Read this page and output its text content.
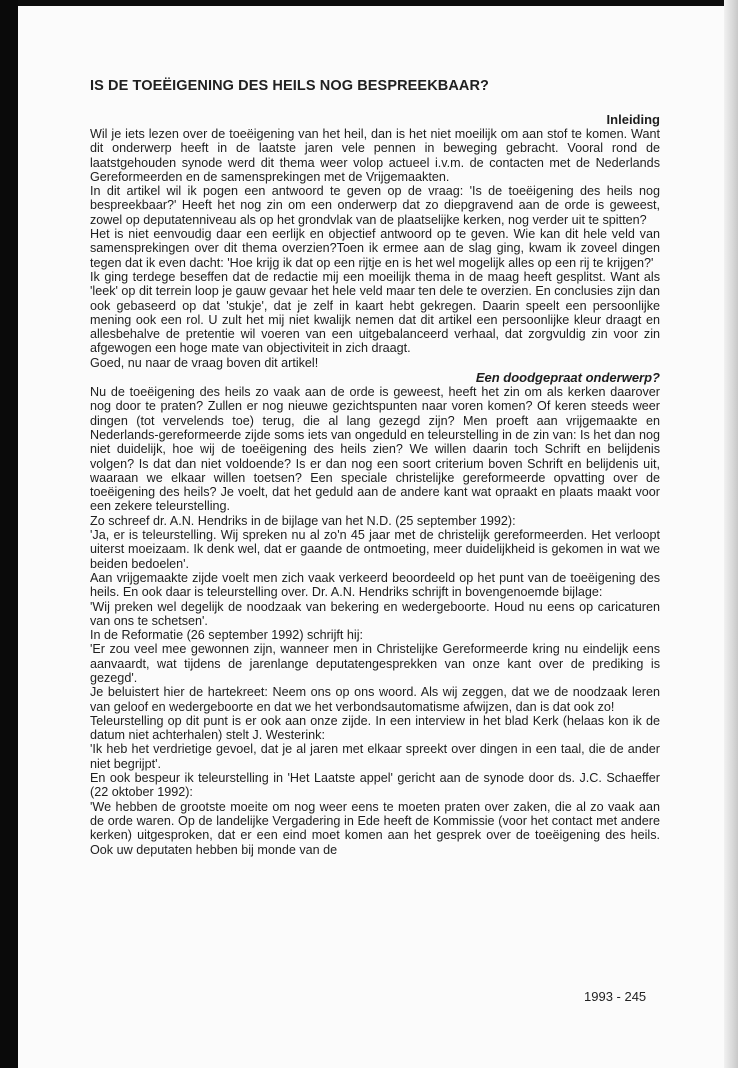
IS DE TOEËIGENING DES HEILS NOG BESPREEKBAAR?
Inleiding

Wil je iets lezen over de toeëigening van het heil, dan is het niet moeilijk om aan stof te komen. Want dit onderwerp heeft in de laatste jaren vele pennen in beweging gebracht. Vooral rond de laatstgehouden synode werd dit thema weer volop actueel i.v.m. de contacten met de Nederlands Gereformeerden en de samensprekingen met de Vrijgemaakten.

In dit artikel wil ik pogen een antwoord te geven op de vraag: 'Is de toeëigening des heils nog bespreekbaar?' Heeft het nog zin om een onderwerp dat zo diepgravend aan de orde is geweest, zowel op deputatenniveau als op het grondvlak van de plaatselijke kerken, nog verder uit te spitten?

Het is niet eenvoudig daar een eerlijk en objectief antwoord op te geven. Wie kan dit hele veld van samensprekingen over dit thema overzien?Toen ik ermee aan de slag ging, kwam ik zoveel dingen tegen dat ik even dacht: 'Hoe krijg ik dat op een rijtje en is het wel mogelijk alles op een rij te krijgen?'

Ik ging terdege beseffen dat de redactie mij een moeilijk thema in de maag heeft gesplitst. Want als 'leek' op dit terrein loop je gauw gevaar het hele veld maar ten dele te overzien. En conclusies zijn dan ook gebaseerd op dat 'stukje', dat je zelf in kaart hebt gekregen. Daarin speelt een persoonlijke mening ook een rol. U zult het mij niet kwalijk nemen dat dit artikel een persoonlijke kleur draagt en allesbehalve de pretentie wil voeren van een uitgebalanceerd verhaal, dat zorgvuldig zin voor zin afgewogen een hoge mate van objectiviteit in zich draagt.

Goed, nu naar de vraag boven dit artikel!

Een doodgepraat onderwerp?

Nu de toeëigening des heils zo vaak aan de orde is geweest, heeft het zin om als kerken daarover nog door te praten? Zullen er nog nieuwe gezichtspunten naar voren komen? Of keren steeds weer dingen (tot vervelends toe) terug, die al lang gezegd zijn? Men proeft aan vrijgemaakte en Nederlands-gereformeerde zijde soms iets van ongeduld en teleurstelling in de zin van: Is het dan nog niet duidelijk, hoe wij de toeëigening des heils zien? We willen daarin toch Schrift en belijdenis volgen? Is dat dan niet voldoende? Is er dan nog een soort criterium boven Schrift en belijdenis uit, waaraan we elkaar willen toetsen? Een speciale christelijke gereformeerde opvatting over de toeëigening des heils? Je voelt, dat het geduld aan de andere kant wat opraakt en plaats maakt voor een zekere teleurstelling.

Zo schreef dr. A.N. Hendriks in de bijlage van het N.D. (25 september 1992):

'Ja, er is teleurstelling. Wij spreken nu al zo'n 45 jaar met de christelijk gereformeerden. Het verloopt uiterst moeizaam. Ik denk wel, dat er gaande de ontmoeting, meer duidelijkheid is gekomen in wat we beiden bedoelen'.

Aan vrijgemaakte zijde voelt men zich vaak verkeerd beoordeeld op het punt van de toeëigening des heils. En ook daar is teleurstelling over. Dr. A.N. Hendriks schrijft in bovengenoemde bijlage:

'Wij preken wel degelijk de noodzaak van bekering en wedergeboorte. Houd nu eens op caricaturen van ons te schetsen'.

In de Reformatie (26 september 1992) schrijft hij:

'Er zou veel mee gewonnen zijn, wanneer men in Christelijke Gereformeerde kring nu eindelijk eens aanvaardt, wat tijdens de jarenlange deputatengesprekken van onze kant over de prediking is gezegd'.

Je beluistert hier de hartekreet: Neem ons op ons woord. Als wij zeggen, dat we de noodzaak leren van geloof en wedergeboorte en dat we het verbondsautomatisme afwijzen, dan is dat ook zo!

Teleurstelling op dit punt is er ook aan onze zijde. In een interview in het blad Kerk (helaas kon ik de datum niet achterhalen) stelt J. Westerink:

'Ik heb het verdrietige gevoel, dat je al jaren met elkaar spreekt over dingen in een taal, die de ander niet begrijpt'.

En ook bespeur ik teleurstelling in 'Het Laatste appel' gericht aan de synode door ds. J.C. Schaeffer (22 oktober 1992):

'We hebben de grootste moeite om nog weer eens te moeten praten over zaken, die al zo vaak aan de orde waren. Op de landelijke Vergadering in Ede heeft de Kommissie (voor het contact met andere kerken) uitgesproken, dat er een eind moet komen aan het gesprek over de toeëigening des heils. Ook uw deputaten hebben bij monde van de

1993 - 245
